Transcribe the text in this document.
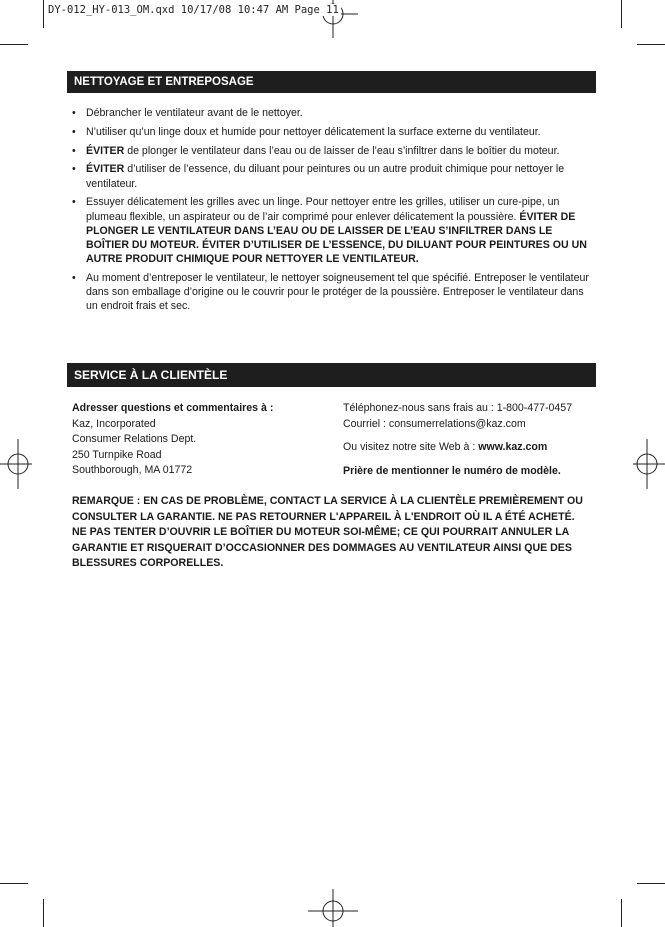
DY-012_HY-013_OM.qxd 10/17/08 10:47 AM Page 11
NETTOYAGE ET ENTREPOSAGE
• Débrancher le ventilateur avant de le nettoyer.
• N’utiliser qu’un linge doux et humide pour nettoyer délicatement la surface externe du ventilateur.
• ÉVITER de plonger le ventilateur dans l’eau ou de laisser de l’eau s’infiltrer dans le boîtier du moteur.
• ÉVITER d’utiliser de l’essence, du diluant pour peintures ou un autre produit chimique pour nettoyer le ventilateur.
• Essuyer délicatement les grilles avec un linge. Pour nettoyer entre les grilles, utiliser un cure-pipe, un plumeau flexible, un aspirateur ou de l’air comprimé pour enlever délicatement la poussière. ÉVITER DE PLONGER LE VENTILATEUR DANS L’EAU OU DE LAISSER DE L’EAU S’INFILTRER DANS LE BOÎTIER DU MOTEUR. ÉVITER D’UTILISER DE L’ESSENCE, DU DILUANT POUR PEINTURES OU UN AUTRE PRODUIT CHIMIQUE POUR NETTOYER LE VENTILATEUR.
• Au moment d’entreposer le ventilateur, le nettoyer soigneusement tel que spécifié. Entreposer le ventilateur dans son emballage d’origine ou le couvrir pour le protéger de la poussière. Entreposer le ventilateur dans un endroit frais et sec.
SERVICE À LA CLIENTÈLE
Adresser questions et commentaires à :
Kaz, Incorporated
Consumer Relations Dept.
250 Turnpike Road
Southborough, MA 01772

Téléphonez-nous sans frais au : 1-800-477-0457

Courriel : consumerrelations@kaz.com

Ou visitez notre site Web à : www.kaz.com

Prière de mentionner le numéro de modèle.

REMARQUE : EN CAS DE PROBLÈME, CONTACT LA SERVICE À LA CLIENTÈLE PREMIÈREMENT OU CONSULTER LA GARANTIE. NE PAS RETOURNER L'APPAREIL À L'ENDROIT OÙ IL A ÉTÉ ACHETÉ. NE PAS TENTER D’OUVRIR LE BOÎTIER DU MOTEUR SOI-MÊME; CE QUI POURRAIT ANNULER LA GARANTIE ET RISQUERAIT D’OCCASIONNER DES DOMMAGES AU VENTILATEUR AINSI QUE DES BLESSURES CORPORELLES.
